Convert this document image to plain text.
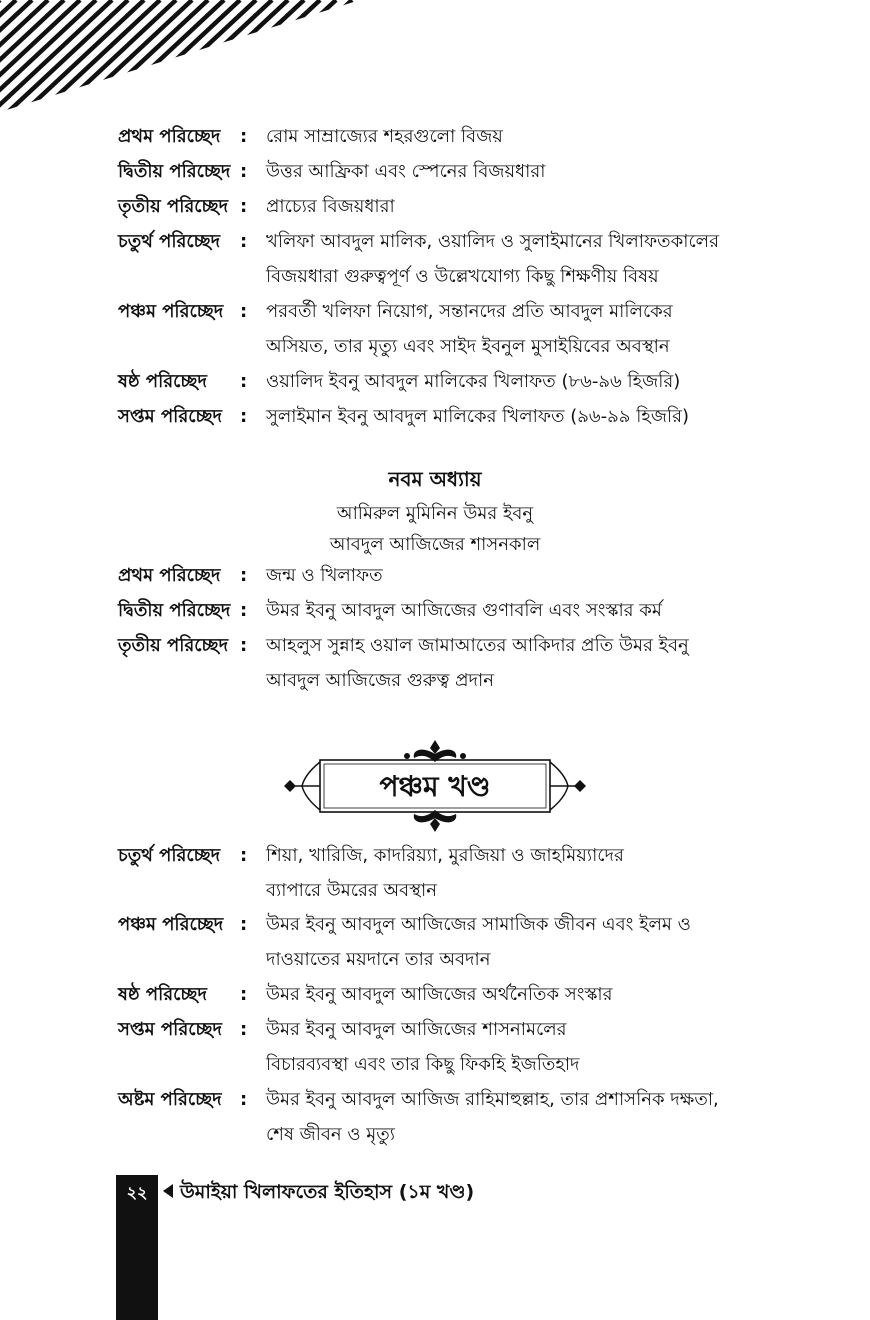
প্রথম পরিচ্ছেদ	: রোম সাম্রাজ্যের শহরগুলো বিজয়
দ্বিতীয় পরিচ্ছেদ : উত্তর আফ্রিকা এবং স্পেনের বিজয়ধারা
তৃতীয় পরিচ্ছেদ : প্রাচ্যের বিজয়ধারা
চতুর্থ পরিচ্ছেদ	: খলিফা আবদুল মালিক, ওয়ালিদ ও সুলাইমানের খিলাফতকালের
বিজয়ধারা গুরুত্বপূর্ণ ও উল্লেখযোগ্য কিছু শিক্ষণীয় বিষয়
পঞ্চম পরিচ্ছেদ : পরবর্তী খলিফা নিয়োগ, সন্তানদের প্রতি আবদুল মালিকের
অসিয়ত, তার মৃত্যু এবং সাইদ ইবনুল মুসাইয়িবের অবস্থান
ষষ্ঠ পরিচ্ছেদ	: ওয়ালিদ ইবনু আবদুল মালিকের খিলাফত (৮৬-৯৬ হিজরি)
সপ্তম পরিচ্ছেদ	: সুলাইমান ইবনু আবদুল মালিকের খিলাফত (৯৬-৯৯ হিজরি)
নবম অধ্যায়
আমিরুল মুমিনিন উমর ইবনু
আবদুল আজিজের শাসনকাল
প্রথম পরিচ্ছেদ	: জন্ম ও খিলাফত
দ্বিতীয় পরিচ্ছেদ : উমর ইবনু আবদুল আজিজের গুণাবলি এবং সংস্কার কর্ম
তৃতীয় পরিচ্ছেদ : আহলুস সুন্নাহ ওয়াল জামাআতের আকিদার প্রতি উমর ইবনু
আবদুল আজিজের গুরুত্ব প্রদান
পঞ্চম খণ্ড
চতুর্থ পরিচ্ছেদ	: শিয়া, খারিজি, কাদরিয়্যা, মুরজিয়া ও জাহমিয়্যাদের
ব্যাপারে উমরের অবস্থান
পঞ্চম পরিচ্ছেদ : উমর ইবনু আবদুল আজিজের সামাজিক জীবন এবং ইলম ও
দাওয়াতের ময়দানে তার অবদান
ষষ্ঠ পরিচ্ছেদ	: উমর ইবনু আবদুল আজিজের অর্থনৈতিক সংস্কার
সপ্তম পরিচ্ছেদ	: উমর ইবনু আবদুল আজিজের শাসনামলের
বিচারব্যবস্থা এবং তার কিছু ফিকহি ইজতিহাদ
অষ্টম পরিচ্ছেদ	: উমর ইবনু আবদুল আজিজ রাহিমাহুল্লাহ, তার প্রশাসনিক দক্ষতা,
শেষ জীবন ও মৃত্যু
২২	উমাইয়া খিলাফতের ইতিহাস (১ম খণ্ড)
